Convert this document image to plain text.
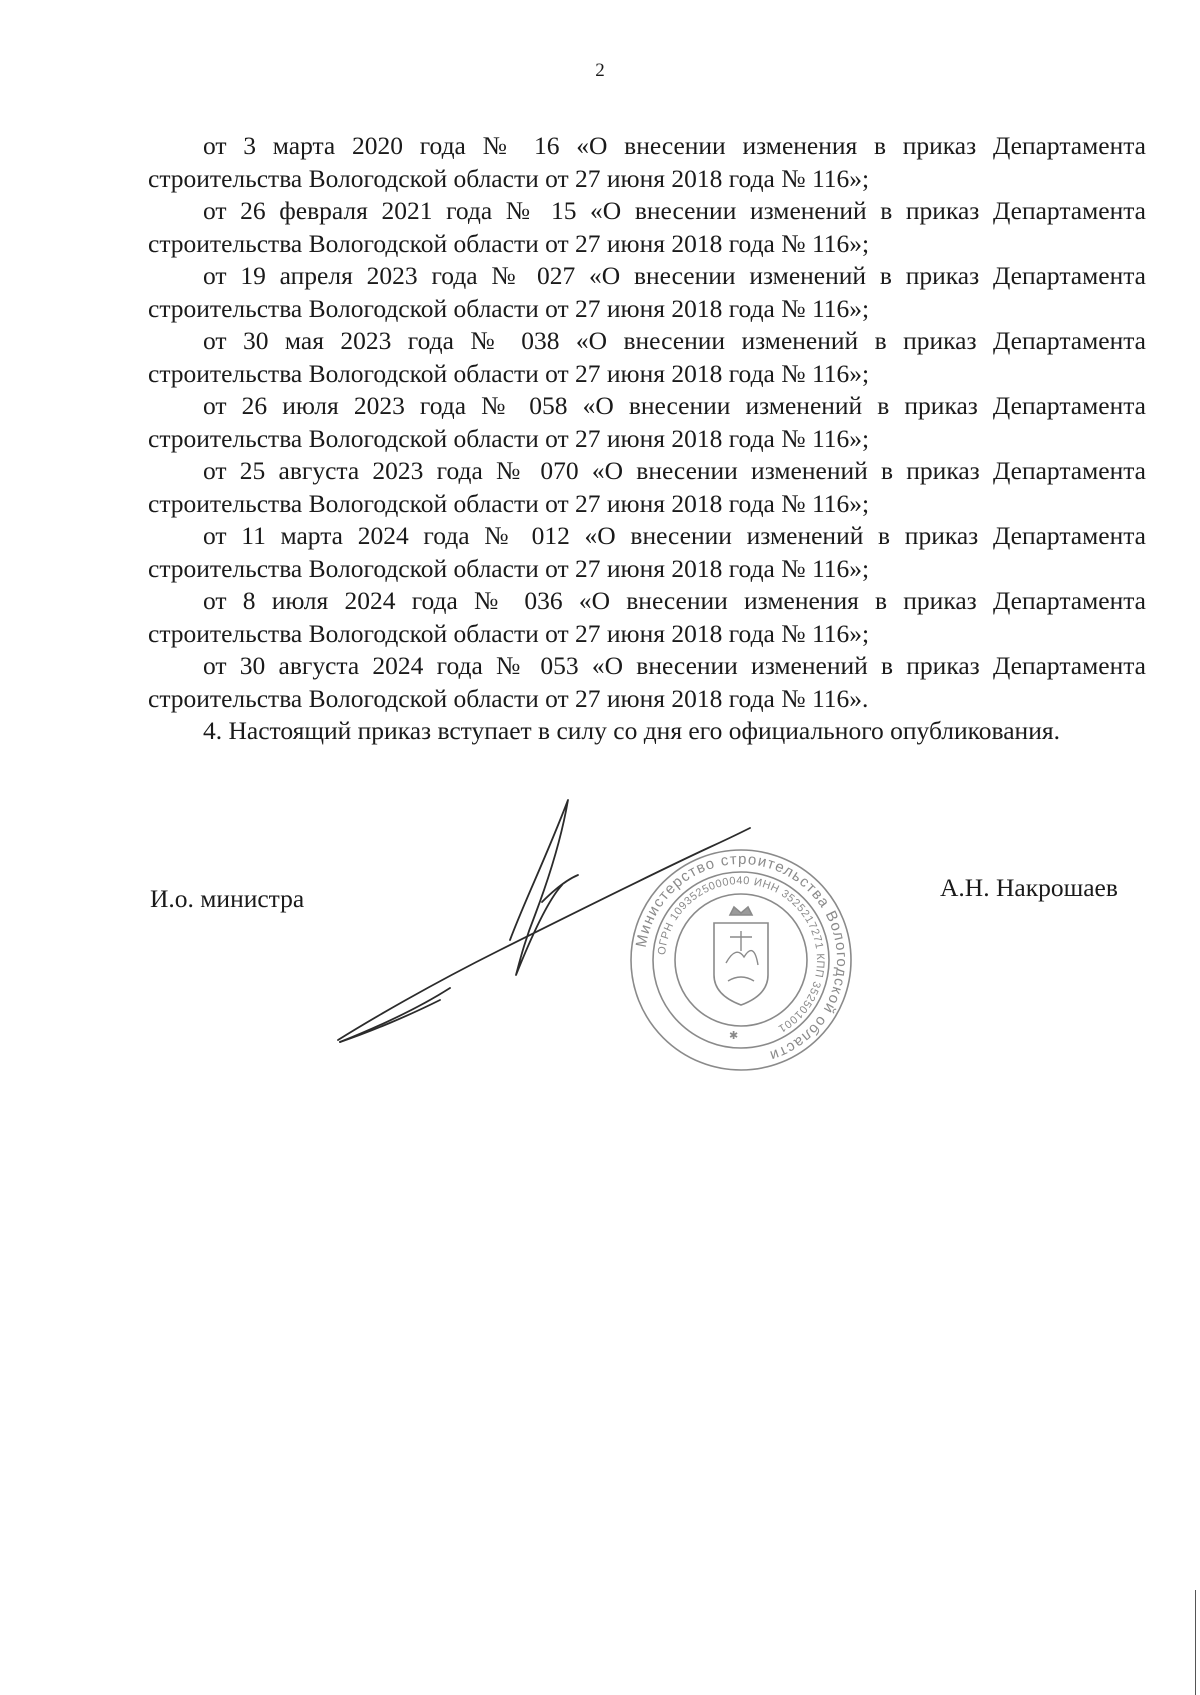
2

от 3 марта 2020 года № 16 «О внесении изменения в приказ Департамента строительства Вологодской области от 27 июня 2018 года № 116»;

от 26 февраля 2021 года № 15 «О внесении изменений в приказ Департамента строительства Вологодской области от 27 июня 2018 года № 116»;

от 19 апреля 2023 года № 027 «О внесении изменений в приказ Департамента строительства Вологодской области от 27 июня 2018 года № 116»;

от 30 мая 2023 года № 038 «О внесении изменений в приказ Департамента строительства Вологодской области от 27 июня 2018 года № 116»;

от 26 июля 2023 года № 058 «О внесении изменений в приказ Департамента строительства Вологодской области от 27 июня 2018 года № 116»;

от 25 августа 2023 года № 070 «О внесении изменений в приказ Департамента строительства Вологодской области от 27 июня 2018 года № 116»;

от 11 марта 2024 года № 012 «О внесении изменений в приказ Департамента строительства Вологодской области от 27 июня 2018 года № 116»;

от 8 июля 2024 года № 036 «О внесении изменения в приказ Департамента строительства Вологодской области от 27 июня 2018 года № 116»;

от 30 августа 2024 года № 053 «О внесении изменений в приказ Департамента строительства Вологодской области от 27 июня 2018 года № 116».

4. Настоящий приказ вступает в силу со дня его официального опубликования.

Министерство строительства Вологодской области
ОГРН 1093525000040 ИНН 3525217271 КПП 352501001
✱
И.о. министра	А.Н. Накрошаев
